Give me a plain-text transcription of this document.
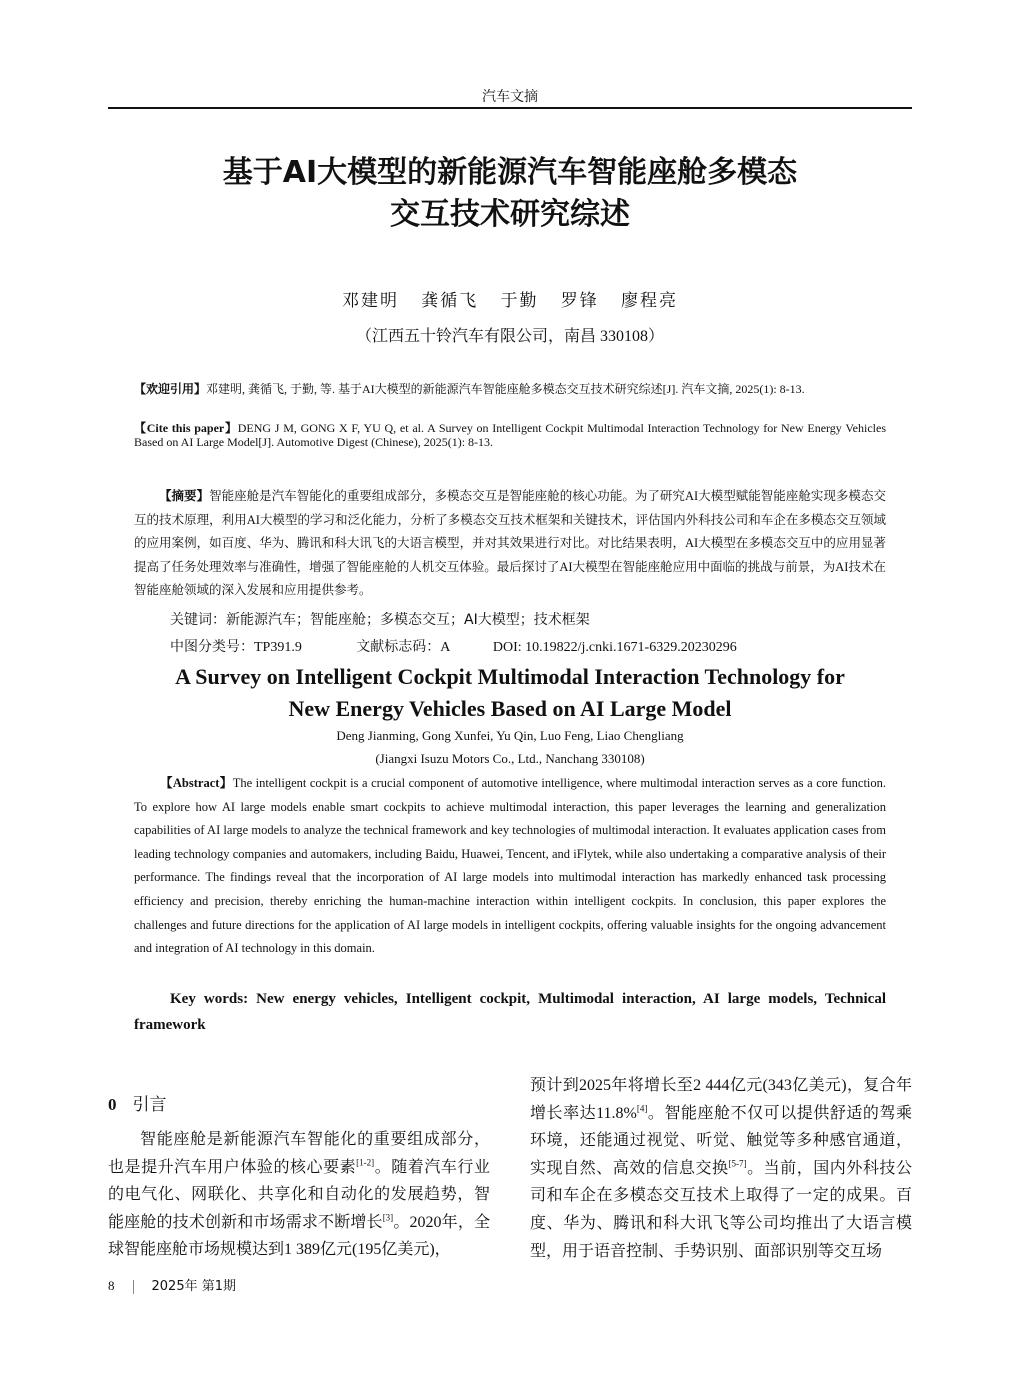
汽车文摘
基于AI大模型的新能源汽车智能座舱多模态
交互技术研究综述
邓建明 龚循飞 于勤 罗锋 廖程亮
（江西五十铃汽车有限公司，南昌 330108）
【欢迎引用】邓建明, 龚循飞, 于勤, 等. 基于AI大模型的新能源汽车智能座舱多模态交互技术研究综述[J]. 汽车文摘, 2025(1): 8-13.
【Cite this paper】DENG J M, GONG X F, YU Q, et al. A Survey on Intelligent Cockpit Multimodal Interaction Technology for New Energy Vehicles Based on AI Large Model[J]. Automotive Digest (Chinese), 2025(1): 8-13.
【摘要】智能座舱是汽车智能化的重要组成部分，多模态交互是智能座舱的核心功能。为了研究AI大模型赋能智能座舱实现多模态交互的技术原理，利用AI大模型的学习和泛化能力，分析了多模态交互技术框架和关键技术，评估国内外科技公司和车企在多模态交互领域的应用案例，如百度、华为、腾讯和科大讯飞的大语言模型，并对其效果进行对比。对比结果表明，AI大模型在多模态交互中的应用显著提高了任务处理效率与准确性，增强了智能座舱的人机交互体验。最后探讨了AI大模型在智能座舱应用中面临的挑战与前景，为AI技术在智能座舱领域的深入发展和应用提供参考。
关键词：新能源汽车；智能座舱；多模态交互；AI大模型；技术框架
中图分类号：TP391.9	文献标志码：A	DOI: 10.19822/j.cnki.1671-6329.20230296
A Survey on Intelligent Cockpit Multimodal Interaction Technology for
New Energy Vehicles Based on AI Large Model
Deng Jianming, Gong Xunfei, Yu Qin, Luo Feng, Liao Chengliang
(Jiangxi Isuzu Motors Co., Ltd., Nanchang 330108)
【Abstract】The intelligent cockpit is a crucial component of automotive intelligence, where multimodal interaction serves as a core function. To explore how AI large models enable smart cockpits to achieve multimodal interaction, this paper leverages the learning and generalization capabilities of AI large models to analyze the technical framework and key technologies of multimodal interaction. It evaluates application cases from leading technology companies and automakers, including Baidu, Huawei, Tencent, and iFlytek, while also undertaking a comparative analysis of their performance. The findings reveal that the incorporation of AI large models into multimodal interaction has markedly enhanced task processing efficiency and precision, thereby enriching the human-machine interaction within intelligent cockpits. In conclusion, this paper explores the challenges and future directions for the application of AI large models in intelligent cockpits, offering valuable insights for the ongoing advancement and integration of AI technology in this domain.
Key words: New energy vehicles, Intelligent cockpit, Multimodal interaction, AI large models, Technical framework
0 引言

智能座舱是新能源汽车智能化的重要组成部分，也是提升汽车用户体验的核心要素[1-2]。随着汽车行业的电气化、网联化、共享化和自动化的发展趋势，智能座舱的技术创新和市场需求不断增长[3]。2020年，全球智能座舱市场规模达到1 389亿元(195亿美元)，

预计到2025年将增长至2 444亿元(343亿美元)，复合年增长率达11.8%[4]。智能座舱不仅可以提供舒适的驾乘环境，还能通过视觉、听觉、触觉等多种感官通道，实现自然、高效的信息交换[5-7]。当前，国内外科技公司和车企在多模态交互技术上取得了一定的成果。百度、华为、腾讯和科大讯飞等公司均推出了大语言模型，用于语音控制、手势识别、面部识别等交互场

8	2025年 第1期
